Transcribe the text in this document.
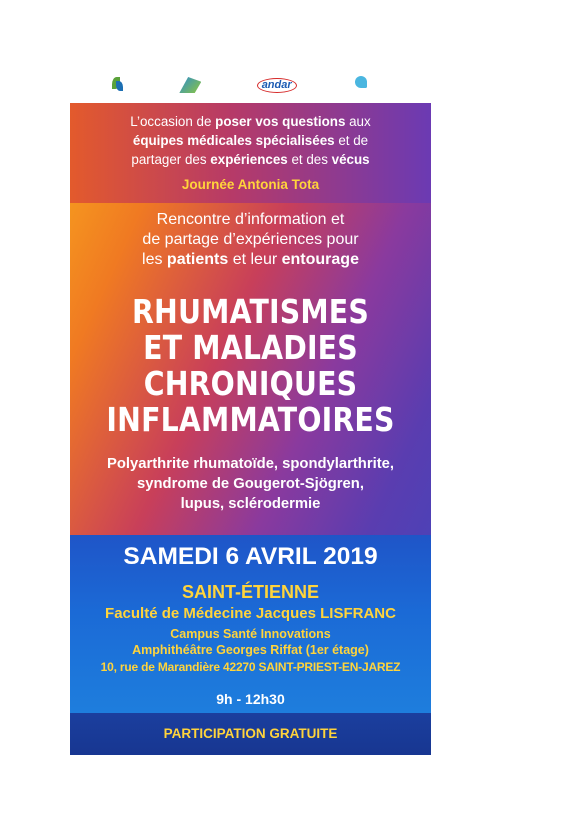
andar
L’occasion de poser vos questions aux
équipes médicales spécialisées et de
partager des expériences et des vécus
Journée Antonia Tota
Rencontre d’information et
de partage d’expériences pour
les patients et leur entourage
RHUMATISMES
ET MALADIES
CHRONIQUES
INFLAMMATOIRES
Polyarthrite rhumatoïde, spondylarthrite,
syndrome de Gougerot-Sjögren,
lupus, sclérodermie
SAMEDI 6 AVRIL 2019
SAINT-ÉTIENNE
Faculté de Médecine Jacques LISFRANC
Campus Santé Innovations
Amphithéâtre Georges Riffat (1er étage)
10, rue de Marandière 42270 SAINT-PRIEST-EN-JAREZ
9h - 12h30
PARTICIPATION GRATUITE
